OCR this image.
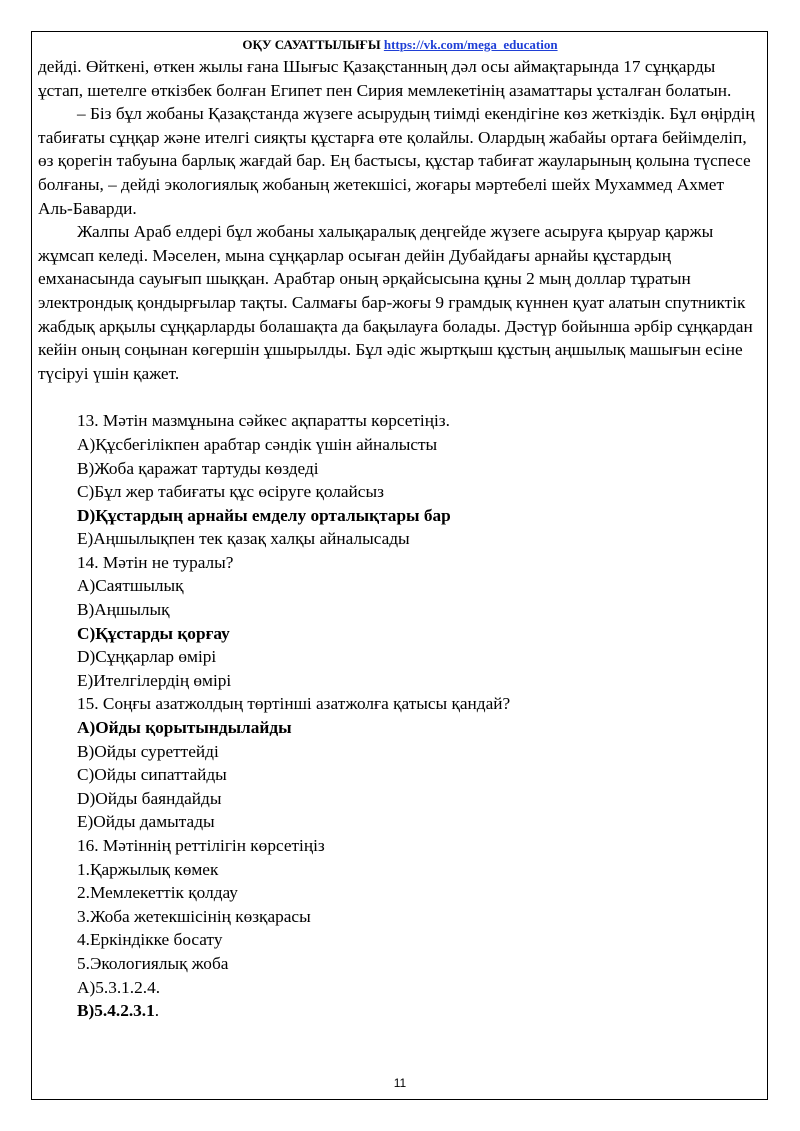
ОҚУ САУАТТЫЛЫҒЫ https://vk.com/mega_education

дейді. Өйткені, өткен жылы ғана Шығыс Қазақстанның дәл осы аймақтарында 17 сұңқарды ұстап, шетелге өткізбек болған Египет пен Сирия мемлекетінің азаматтары ұсталған болатын.

– Біз бұл жобаны Қазақстанда жүзеге асырудың тиімді екендігіне көз жеткіздік. Бұл өңірдің табиғаты сұңқар және ителгі сияқты құстарға өте қолайлы. Олардың жабайы ортаға бейімделіп, өз қорегін табуына барлық жағдай бар. Ең бастысы, құстар табиғат жауларының қолына түспесе болғаны, – дейді экологиялық жобаның жетекшісі, жоғары мәртебелі шейх Мухаммед Ахмет Аль-Баварди.

Жалпы Араб елдері бұл жобаны халықаралық деңгейде жүзеге асыруға қыруар қаржы жұмсап келеді. Мәселен, мына сұңқарлар осыған дейін Дубайдағы арнайы құстардың емханасында сауығып шыққан. Арабтар оның әрқайсысына құны 2 мың доллар тұратын электрондық қондырғылар тақты. Салмағы бар-жоғы 9 грамдық күннен қуат алатын спутниктік жабдық арқылы сұңқарларды болашақта да бақылауға болады. Дәстүр бойынша әрбір сұңқардан кейін оның соңынан көгершін ұшырылды. Бұл әдіс жыртқыш құстың аңшылық машығын есіне түсіруі үшін қажет.

13. Мәтін мазмұнына сәйкес ақпаратты көрсетіңіз.
A)Құсбегілікпен арабтар сәндік үшін айналысты
B)Жоба қаражат тартуды көздеді
C)Бұл жер табиғаты құс өсіруге қолайсыз
D)Құстардың арнайы емделу орталықтары бар
E)Аңшылықпен тек қазақ халқы айналысады
14. Мәтін не туралы?
A)Саятшылық
B)Аңшылық
C)Құстарды қорғау
D)Сұңқарлар өмірі
E)Ителгілердің өмірі
15. Соңғы азатжолдың төртінші азатжолға қатысы қандай?
A)Ойды қорытындылайды
B)Ойды суреттейді
C)Ойды сипаттайды
D)Ойды баяндайды
E)Ойды дамытады
16. Мәтіннің реттілігін көрсетіңіз
1.Қаржылық көмек
2.Мемлекеттік қолдау
3.Жоба жетекшісінің көзқарасы
4.Еркіндікке босату
5.Экологиялық жоба
A)5.3.1.2.4.
B)5.4.2.3.1.
11
